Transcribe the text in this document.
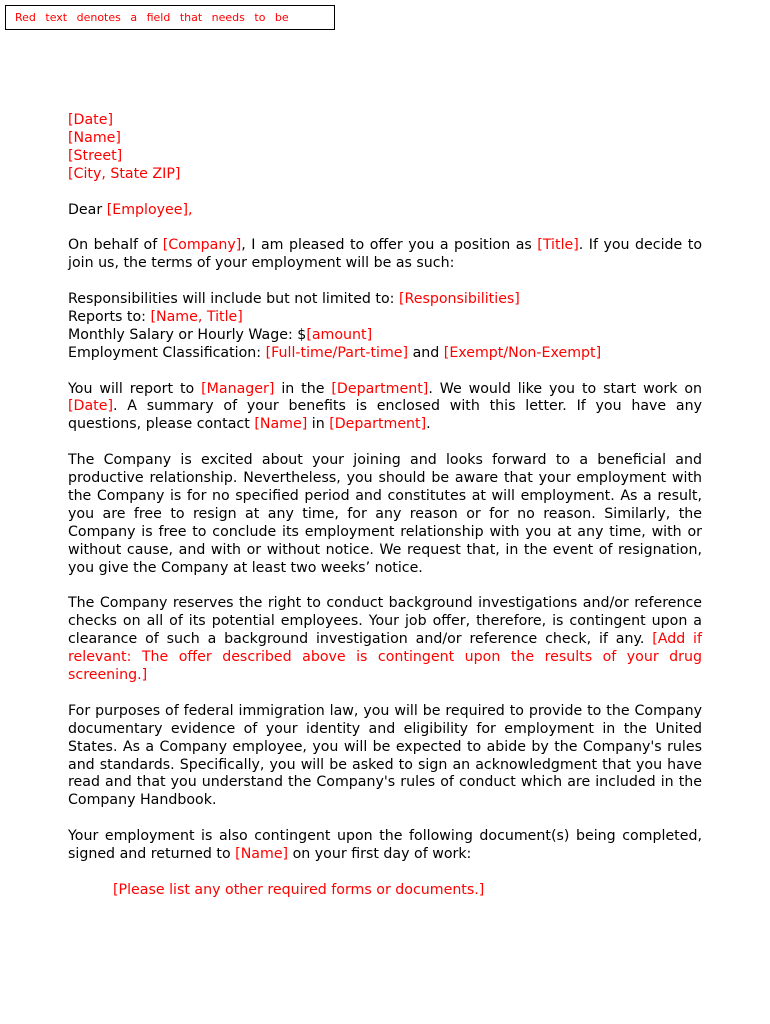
Red text denotes a field that needs to be

[Date]
[Name]
[Street]
[City, State ZIP]

Dear [Employee],

On behalf of [Company], I am pleased to offer you a position as [Title]. If you decide to join us, the terms of your employment will be as such:

Responsibilities will include but not limited to: [Responsibilities]
Reports to: [Name, Title]
Monthly Salary or Hourly Wage: $[amount]
Employment Classification: [Full-time/Part-time] and [Exempt/Non-Exempt]

You will report to [Manager] in the [Department]. We would like you to start work on [Date]. A summary of your benefits is enclosed with this letter. If you have any questions, please contact [Name] in [Department].

The Company is excited about your joining and looks forward to a beneficial and productive relationship. Nevertheless, you should be aware that your employment with the Company is for no specified period and constitutes at will employment. As a result, you are free to resign at any time, for any reason or for no reason. Similarly, the Company is free to conclude its employment relationship with you at any time, with or without cause, and with or without notice. We request that, in the event of resignation, you give the Company at least two weeks’ notice.

The Company reserves the right to conduct background investigations and/or reference checks on all of its potential employees. Your job offer, therefore, is contingent upon a clearance of such a background investigation and/or reference check, if any. [Add if relevant: The offer described above is contingent upon the results of your drug screening.]

For purposes of federal immigration law, you will be required to provide to the Company documentary evidence of your identity and eligibility for employment in the United States. As a Company employee, you will be expected to abide by the Company's rules and standards. Specifically, you will be asked to sign an acknowledgment that you have read and that you understand the Company's rules of conduct which are included in the Company Handbook.

Your employment is also contingent upon the following document(s) being completed, signed and returned to [Name] on your first day of work:

[Please list any other required forms or documents.]
